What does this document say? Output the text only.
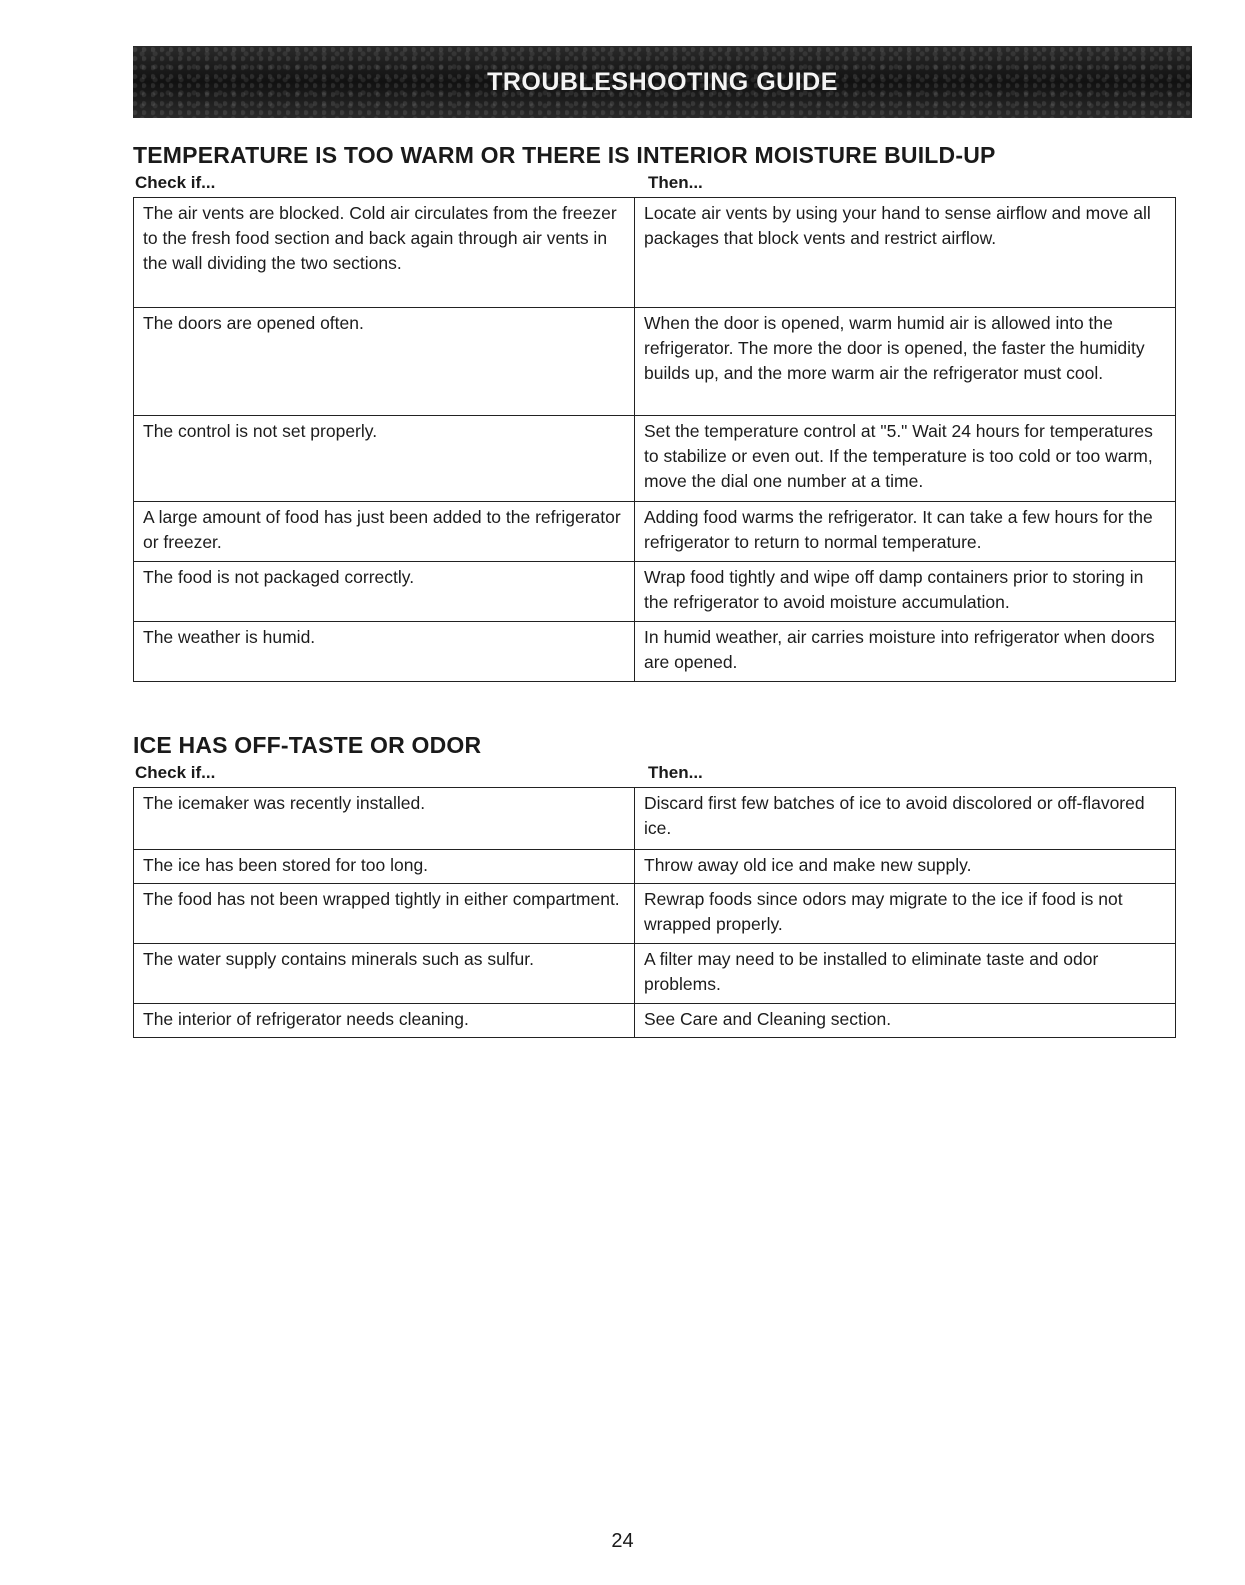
TROUBLESHOOTING GUIDE
TEMPERATURE IS TOO WARM OR THERE IS INTERIOR MOISTURE BUILD-UP
Check if...	Then...
The air vents are blocked. Cold air circulates from the freezer to the fresh food section and back again through air vents in the wall dividing the two sections.	Locate air vents by using your hand to sense airflow and move all packages that block vents and restrict airflow.
The doors are opened often.	When the door is opened, warm humid air is allowed into the refrigerator. The more the door is opened, the faster the humidity builds up, and the more warm air the refrigerator must cool.
The control is not set properly.	Set the temperature control at "5." Wait 24 hours for temperatures to stabilize or even out. If the temperature is too cold or too warm, move the dial one number at a time.
A large amount of food has just been added to the refrigerator or freezer.	Adding food warms the refrigerator. It can take a few hours for the refrigerator to return to normal temperature.
The food is not packaged correctly.	Wrap food tightly and wipe off damp containers prior to storing in the refrigerator to avoid moisture accumulation.
The weather is humid.	In humid weather, air carries moisture into refrigerator when doors are opened.
ICE HAS OFF-TASTE OR ODOR
Check if...	Then...
The icemaker was recently installed.	Discard first few batches of ice to avoid discolored or off-flavored ice.
The ice has been stored for too long.	Throw away old ice and make new supply.
The food has not been wrapped tightly in either compartment.	Rewrap foods since odors may migrate to the ice if food is not wrapped properly.
The water supply contains minerals such as sulfur.	A filter may need to be installed to eliminate taste and odor problems.
The interior of refrigerator needs cleaning.	See Care and Cleaning section.
24
